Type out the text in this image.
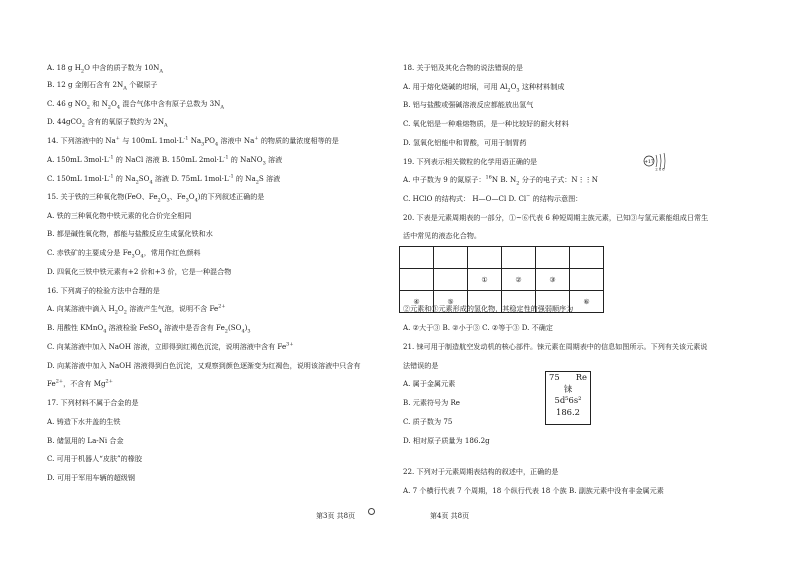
A. 18 g $H_2O$ 中含的质子数为 $10N_A$
B. 12 g 金刚石含有 $2N_A$ 个碳原子
C. 46 g $NO_2$ 和 $N_2O_4$ 混合气体中含有原子总数为 $3N_A$
D. 44gCO$_2$ 含有的氧原子数约为 $2N_A$
14. 下列溶液中的 Na+ 与 100mL $1mol\cdot L^{-1}$ $Na_3PO_4$ 溶液中 Na+ 的物质的量浓度相等的是
A. 150mL $3mol\cdot L^{-1}$ 的 NaCl 溶液 B. 150mL $2mol\cdot L^{-1}$ 的 NaNO$_3$ 溶液
C. 150mL $1mol\cdot L^{-1}$ 的 $Na_2SO_4$ 溶液 D. 75mL $1mol\cdot L^{-1}$ 的 $Na_2S$ 溶液
15. 关于铁的三种氧化物(FeO、$Fe_2O_3$、$Fe_3O_4$)的下列叙述正确的是
A. 铁的三种氧化物中铁元素的化合价完全相同
B. 都是碱性氧化物，都能与盐酸反应生成氯化铁和水
C. 赤铁矿的主要成分是 $Fe_3O_4$，常用作红色颜料
D. 四氧化三铁中铁元素有+2 价和+3 价，它是一种混合物
16. 下列离子的检验方法中合理的是
A. 向某溶液中滴入 $H_2O_2$ 溶液产生气泡，说明不含 $Fe^{2+}$
B. 用酸性 KMnO$_4$ 溶液检验 FeSO$_4$ 溶液中是否含有 $Fe_2(SO_4)_3$
C. 向某溶液中加入 NaOH 溶液，立即得到红褐色沉淀，说明溶液中含有 $Fe^{3+}$
D. 向某溶液中加入 NaOH 溶液得到白色沉淀，又观察到颜色逐渐变为红褐色，说明该溶液中只含有
$Fe^{2+}$，不含有 $Mg^{2+}$
17. 下列材料不属于合金的是
A. 铸造下水井盖的生铁
B. 储氢用的 La-Ni 合金
C. 可用于机器人“皮肤”的橡胶
D. 可用于军用车辆的超级钢
18. 关于铝及其化合物的说法错误的是
A. 用于熔化烧碱的坩埚，可用 $Al_2O_3$ 这种材料制成
B. 铝与盐酸或强碱溶液反应都能放出氢气
C. 氧化铝是一种难熔物质，是一种比较好的耐火材料
D. 氢氧化铝能中和胃酸，可用于制胃药
19. 下列表示相关微粒的化学用语正确的是
A. 中子数为 9 的氮原子：$^{16}$N B. $N_2$ 分子的电子式：N⋮⋮N
C. HClO 的结构式： H—O—Cl D. Cl− 的结构示意图：
+17
2 8 8
20. 下表是元素周期表的一部分，①~⑥代表 6 种短周期主族元素，已知③与氢元素能组成日常生
活中常见的液态化合物。

		①	②	③	
④	⑤				⑥
②元素和③元素形成的氢化物，其稳定性的强弱顺序为
A. ②大于③ B. ②小于③ C. ②等于③ D. 不确定
21. 铼可用于制造航空发动机的核心部件。铼元素在周期表中的信息如图所示。下列有关该元素说
法错误的是
A. 属于金属元素
B. 元素符号为 Re
C. 质子数为 75
D. 相对原子质量为 186.2g
75 Re
铼
5d⁵6s²
186.2
22. 下列对于元素周期表结构的叙述中，正确的是
A. 7 个横行代表 7 个周期，18 个纵行代表 18 个族 B. 副族元素中没有非金属元素
第3页 共8页	第4页 共8页
